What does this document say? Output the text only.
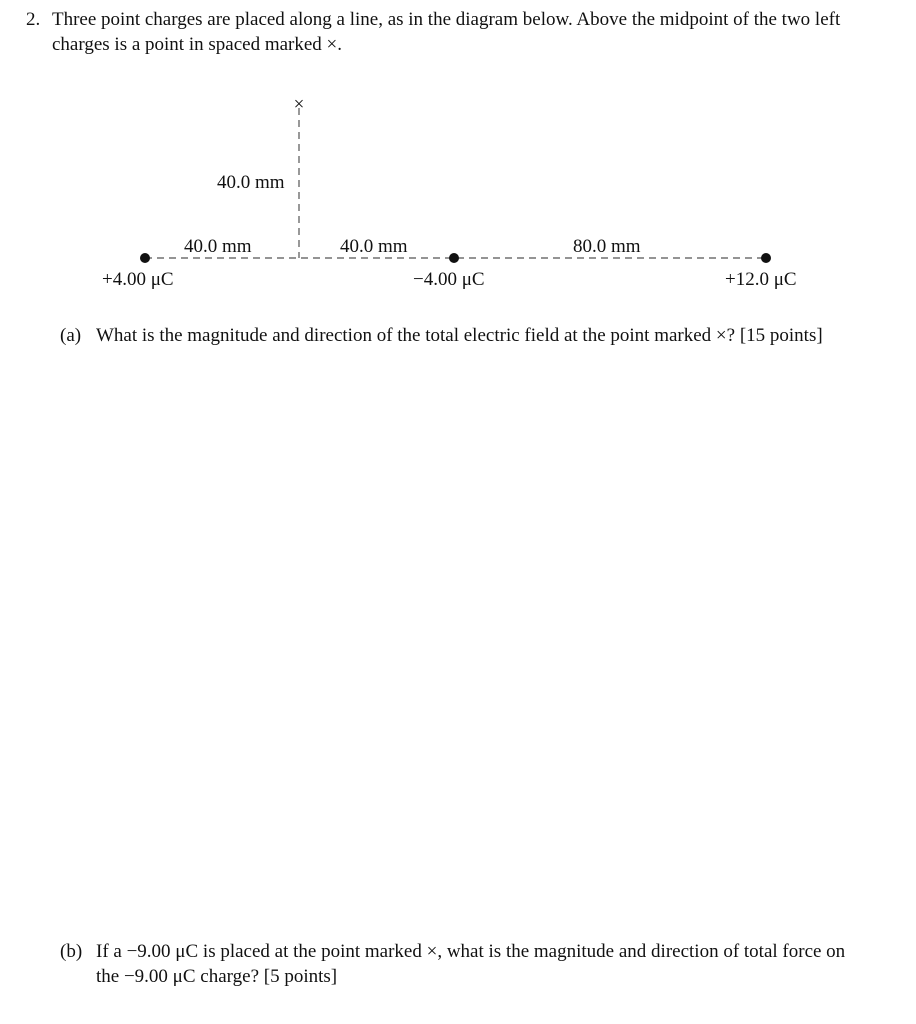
2. Three point charges are placed along a line, as in the diagram below. Above the midpoint of the two left charges is a point in spaced marked ×.
×
40.0 mm
40.0 mm	40.0 mm	80.0 mm
+4.00 μC	−4.00 μC	+12.0 μC
(a) What is the magnitude and direction of the total electric field at the point marked ×? [15 points]
(b) If a −9.00 μC is placed at the point marked ×, what is the magnitude and direction of total force on the −9.00 μC charge? [5 points]
